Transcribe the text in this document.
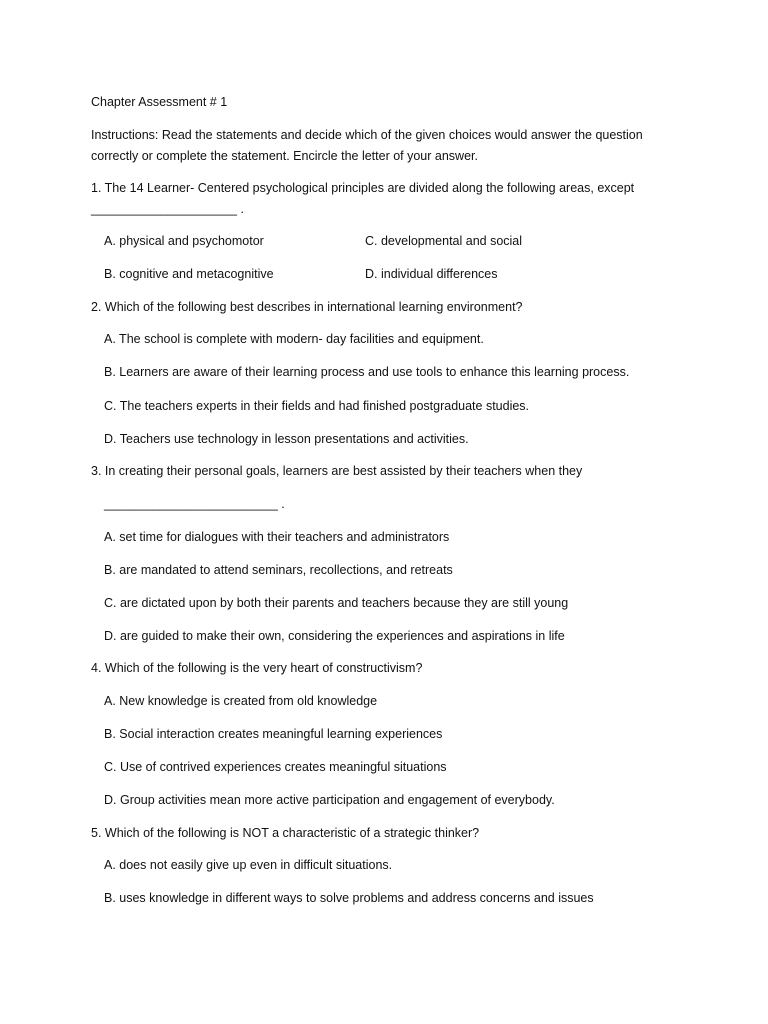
Chapter Assessment # 1
Instructions: Read the statements and decide which of the given choices would answer the question
correctly or complete the statement. Encircle the letter of your answer.
1. The 14 Learner- Centered psychological principles are divided along the following areas, except
_____________________ .
A. physical and psychomotor	C. developmental and social
B. cognitive and metacognitive	D. individual differences
2. Which of the following best describes in international learning environment?
A. The school is complete with modern- day facilities and equipment.
B. Learners are aware of their learning process and use tools to enhance this learning process.
C. The teachers experts in their fields and had finished postgraduate studies.
D. Teachers use technology in lesson presentations and activities.
3. In creating their personal goals, learners are best assisted by their teachers when they
_________________________ .
A. set time for dialogues with their teachers and administrators
B. are mandated to attend seminars, recollections, and retreats
C. are dictated upon by both their parents and teachers because they are still young
D. are guided to make their own, considering the experiences and aspirations in life
4. Which of the following is the very heart of constructivism?
A. New knowledge is created from old knowledge
B. Social interaction creates meaningful learning experiences
C. Use of contrived experiences creates meaningful situations
D. Group activities mean more active participation and engagement of everybody.
5. Which of the following is NOT a characteristic of a strategic thinker?
A. does not easily give up even in difficult situations.
B. uses knowledge in different ways to solve problems and address concerns and issues
